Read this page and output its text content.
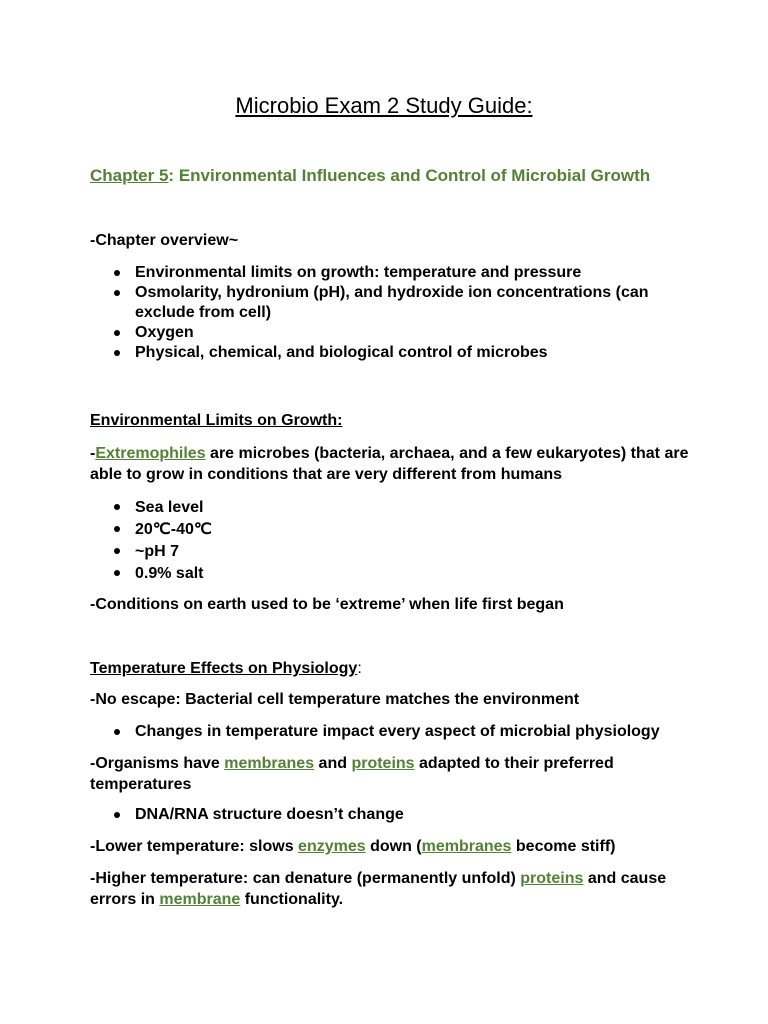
Microbio Exam 2 Study Guide:
Chapter 5: Environmental Influences and Control of Microbial Growth
-Chapter overview~
Environmental limits on growth: temperature and pressure
Osmolarity, hydronium (pH), and hydroxide ion concentrations (can exclude from cell)
Oxygen
Physical, chemical, and biological control of microbes
Environmental Limits on Growth:
-Extremophiles are microbes (bacteria, archaea, and a few eukaryotes) that are able to grow in conditions that are very different from humans
Sea level
20℃-40℃
~pH 7
0.9% salt
-Conditions on earth used to be ‘extreme’ when life first began
Temperature Effects on Physiology:
-No escape: Bacterial cell temperature matches the environment
Changes in temperature impact every aspect of microbial physiology
-Organisms have membranes and proteins adapted to their preferred temperatures
DNA/RNA structure doesn’t change
-Lower temperature: slows enzymes down (membranes become stiff)
-Higher temperature: can denature (permanently unfold) proteins and cause errors in membrane functionality.
